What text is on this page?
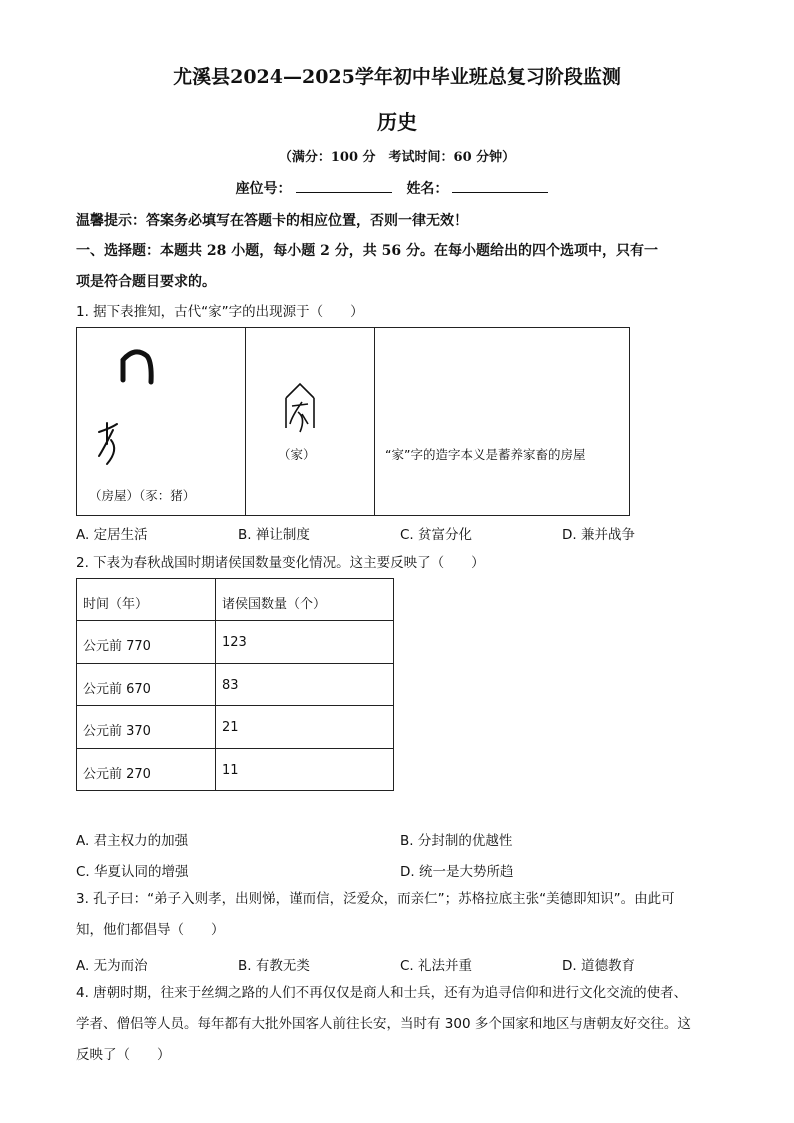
尤溪县2024—2025学年初中毕业班总复习阶段监测
历史
（满分：100 分　考试时间：60 分钟）
座位号：	姓名：
温馨提示：答案务必填写在答题卡的相应位置，否则一律无效！
一、选择题：本题共 28 小题，每小题 2 分，共 56 分。在每小题给出的四个选项中，只有一
项是符合题目要求的。
1. 据下表推知，古代“家”字的出现源于（　　）
（房屋）（豕：猪）

（家）	“家”字的造字本义是蓄养家畜的房屋
A. 定居生活	B. 禅让制度	C. 贫富分化	D. 兼并战争
2. 下表为春秋战国时期诸侯国数量变化情况。这主要反映了（　　）
时间（年）	诸侯国数量（个）
公元前 770	123
公元前 670	83
公元前 370	21
公元前 270	11
A. 君主权力的加强	B. 分封制的优越性
C. 华夏认同的增强	D. 统一是大势所趋
3. 孔子曰：“弟子入则孝，出则悌，谨而信，泛爱众，而亲仁”；苏格拉底主张“美德即知识”。由此可
知，他们都倡导（　　）
A. 无为而治	B. 有教无类	C. 礼法并重	D. 道德教育
4. 唐朝时期，往来于丝绸之路的人们不再仅仅是商人和士兵，还有为追寻信仰和进行文化交流的使者、
学者、僧侣等人员。每年都有大批外国客人前往长安，当时有 300 多个国家和地区与唐朝友好交往。这
反映了（　　）
